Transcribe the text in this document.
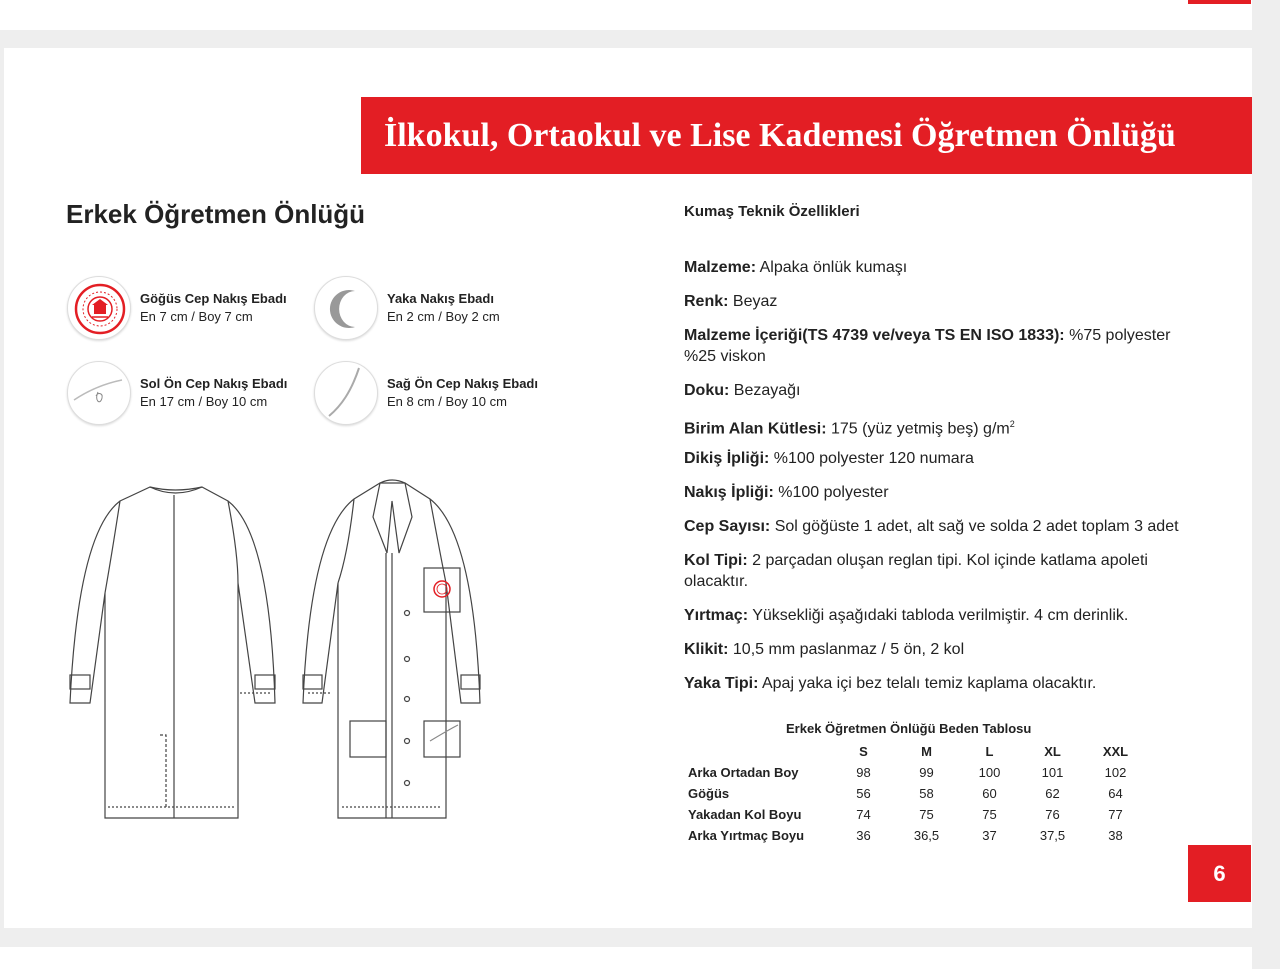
İlkokul, Ortaokul ve Lise Kademesi Öğretmen Önlüğü
Erkek Öğretmen Önlüğü
Göğüs Cep Nakış Ebadı
En 7 cm / Boy 7 cm
Yaka Nakış Ebadı
En 2 cm / Boy 2 cm
Sol Ön Cep Nakış Ebadı
En 17 cm / Boy 10 cm
Sağ Ön Cep Nakış Ebadı
En 8 cm / Boy 10 cm
Kumaş Teknik Özellikleri
Malzeme: Alpaka önlük kumaşı
Renk: Beyaz
Malzeme İçeriği(TS 4739 ve/veya TS EN ISO 1833): %75 polyester %25 viskon
Doku: Bezayağı
Birim Alan Kütlesi: 175 (yüz yetmiş beş) $g/m^2$
Dikiş İpliği: %100 polyester 120 numara
Nakış İpliği: %100 polyester
Cep Sayısı: Sol göğüste 1 adet, alt sağ ve solda 2 adet toplam 3 adet
Kol Tipi: 2 parçadan oluşan reglan tipi. Kol içinde katlama apoleti olacaktır.
Yırtmaç: Yüksekliği aşağıdaki tabloda verilmiştir. 4 cm derinlik.
Klikit: 10,5 mm paslanmaz / 5 ön, 2 kol
Yaka Tipi: Apaj yaka içi bez telalı temiz kaplama olacaktır.
Erkek Öğretmen Önlüğü Beden Tablosu
	S	M	L	XL	XXL
Arka Ortadan Boy	98	99	100	101	102
Göğüs	56	58	60	62	64
Yakadan Kol Boyu	74	75	75	76	77
Arka Yırtmaç Boyu	36	36,5	37	37,5	38
6
